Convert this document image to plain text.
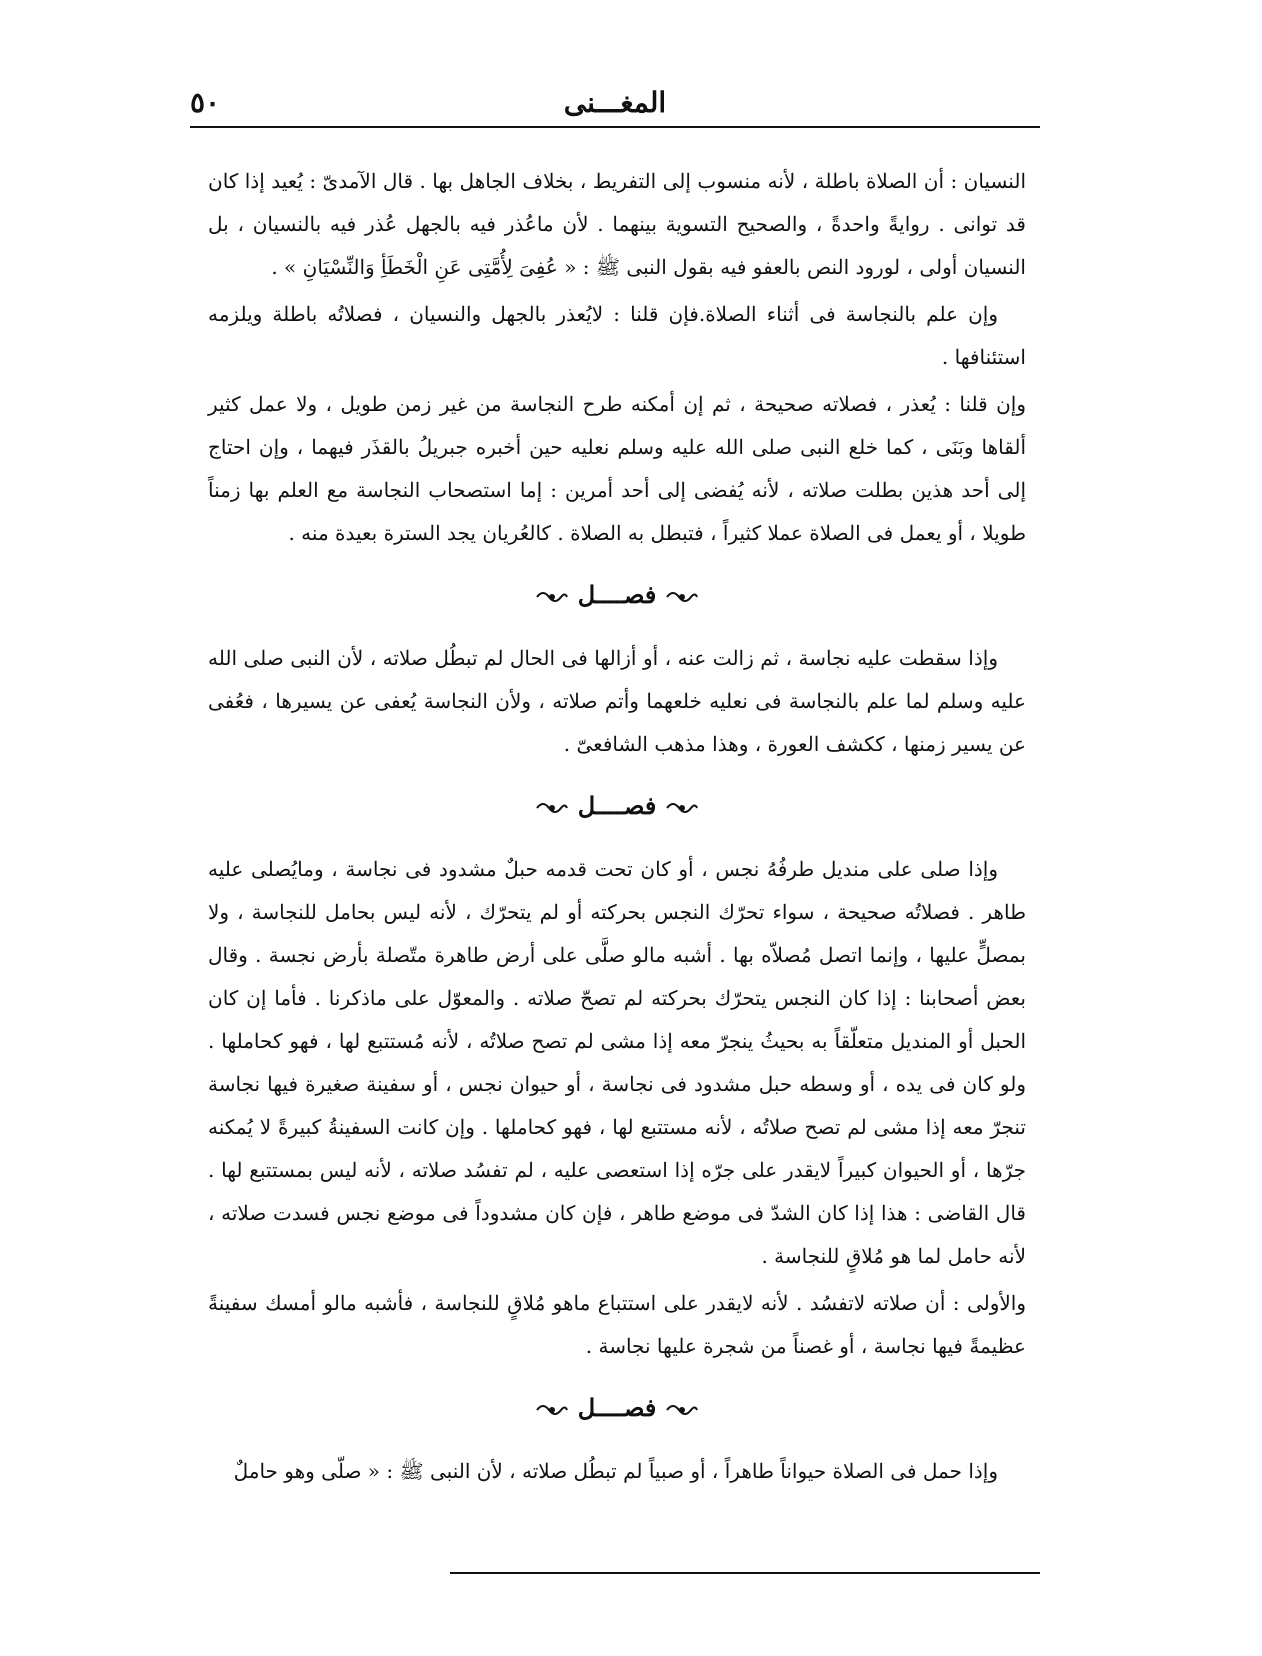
المغـــنى
٥٠

النسيان : أن الصلاة باطلة ، لأنه منسوب إلى التفريط ، بخلاف الجاهل بها . قال الآمدىّ : يُعيد إذا كان قد توانى . روايةً واحدةً ، والصحيح التسوية بينهما . لأن ماعُذر فيه بالجهل عُذر فيه بالنسيان ، بل النسيان أولى ، لورود النص بالعفو فيه بقول النبى ﷺ : « عُفِىَ لِأُمَّتِى عَنِ الْخَطَأِ وَالنِّسْيَانِ » .

وإن علم بالنجاسة فى أثناء الصلاة.فإن قلنا : لايُعذر بالجهل والنسيان ، فصلاتُه باطلة ويلزمه استئنافها .

وإن قلنا : يُعذر ، فصلاته صحيحة ، ثم إن أمكنه طرح النجاسة من غير زمن طويل ، ولا عمل كثير ألقاها وبَنَى ، كما خلع النبى صلى الله عليه وسلم نعليه حين أخبره جبريلُ بالقذَر فيهما ، وإن احتاج إلى أحد هذين بطلت صلاته ، لأنه يُفضى إلى أحد أمرين : إما استصحاب النجاسة مع العلم بها زمناً طويلا ، أو يعمل فى الصلاة عملا كثيراً ، فتبطل به الصلاة . كالعُريان يجد السترة بعيدة منه .

فصــــل

وإذا سقطت عليه نجاسة ، ثم زالت عنه ، أو أزالها فى الحال لم تبطُل صلاته ، لأن النبى صلى الله عليه وسلم لما علم بالنجاسة فى نعليه خلعهما وأتم صلاته ، ولأن النجاسة يُعفى عن يسيرها ، فعُفى عن يسير زمنها ، ككشف العورة ، وهذا مذهب الشافعىّ .

فصــــل

وإذا صلى على منديل طرفُهُ نجس ، أو كان تحت قدمه حبلٌ مشدود فى نجاسة ، ومايُصلى عليه طاهر . فصلاتُه صحيحة ، سواء تحرّك النجس بحركته أو لم يتحرّك ، لأنه ليس بحامل للنجاسة ، ولا بمصلٍّ عليها ، وإنما اتصل مُصلاّه بها . أشبه مالو صلَّى على أرض طاهرة متّصلة بأرض نجسة . وقال بعض أصحابنا : إذا كان النجس يتحرّك بحركته لم تصحّ صلاته . والمعوّل على ماذكرنا . فأما إن كان الحبل أو المنديل متعلّقاً به بحيثُ ينجرّ معه إذا مشى لم تصح صلاتُه ، لأنه مُستتبع لها ، فهو كحاملها . ولو كان فى يده ، أو وسطه حبل مشدود فى نجاسة ، أو حيوان نجس ، أو سفينة صغيرة فيها نجاسة تنجرّ معه إذا مشى لم تصح صلاتُه ، لأنه مستتبع لها ، فهو كحاملها . وإن كانت السفينةُ كبيرةً لا يُمكنه جرّها ، أو الحيوان كبيراً لايقدر على جرّه إذا استعصى عليه ، لم تفسُد صلاته ، لأنه ليس بمستتبع لها . قال القاضى : هذا إذا كان الشدّ فى موضع طاهر ، فإن كان مشدوداً فى موضع نجس فسدت صلاته ، لأنه حامل لما هو مُلاقٍ للنجاسة .

والأولى : أن صلاته لاتفسُد . لأنه لايقدر على استتباع ماهو مُلاقٍ للنجاسة ، فأشبه مالو أمسك سفينةً عظيمةً فيها نجاسة ، أو غصناً من شجرة عليها نجاسة .

فصــــل

وإذا حمل فى الصلاة حيواناً طاهراً ، أو صبياً لم تبطُل صلاته ، لأن النبى ﷺ : « صلّى وهو حاملٌ
